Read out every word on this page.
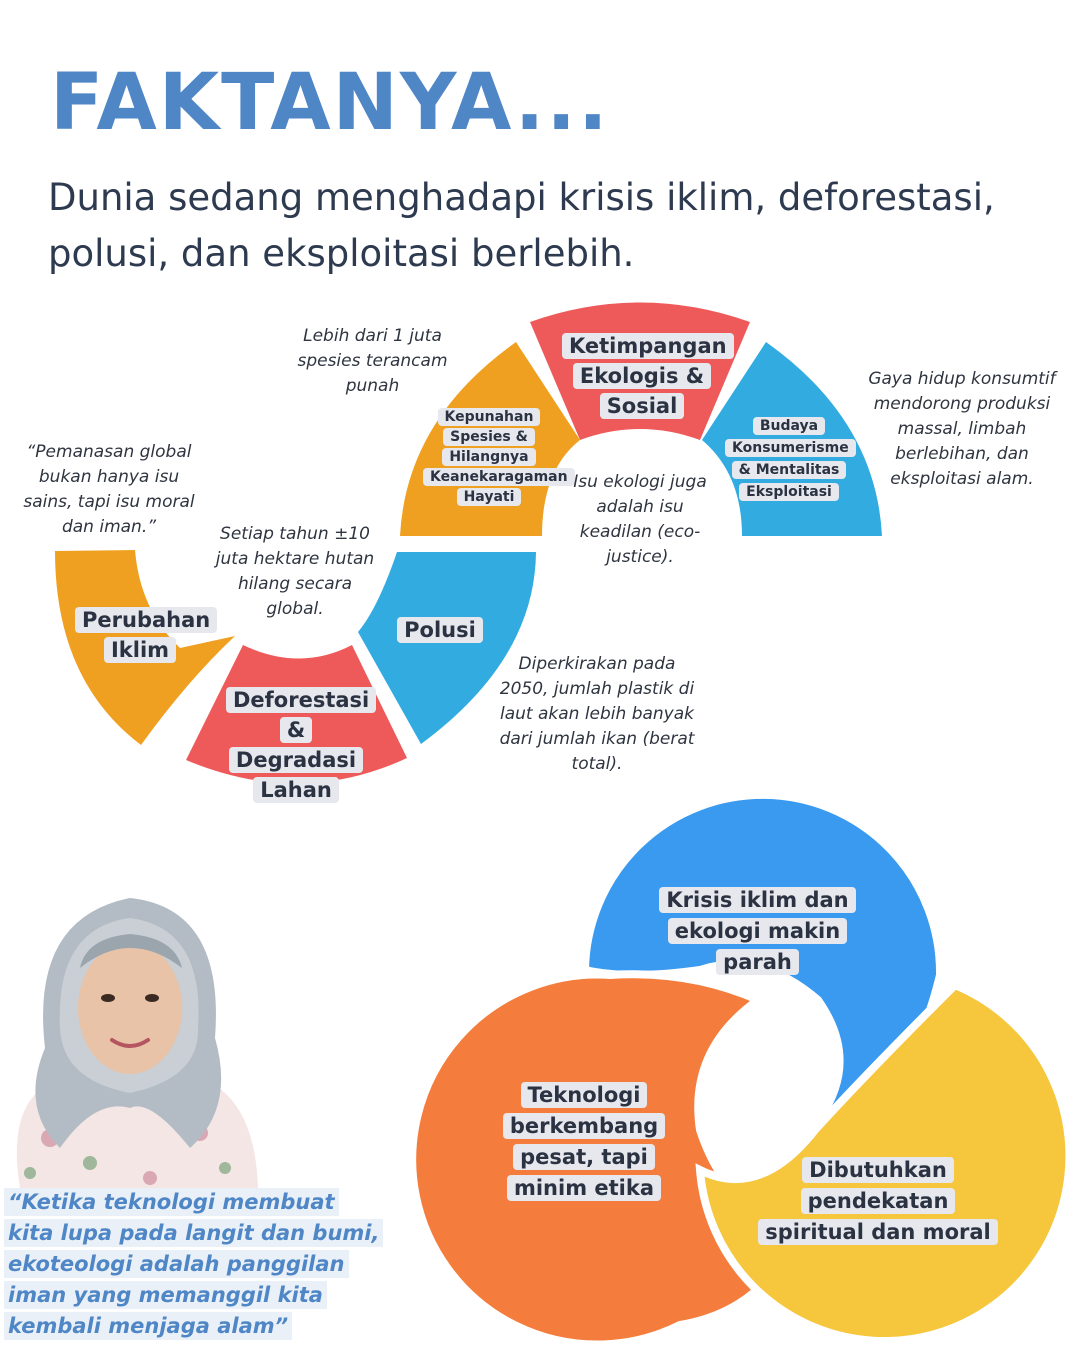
FAKTANYA...

Dunia sedang menghadapi krisis iklim, deforestasi, polusi, dan eksploitasi berlebih.

Perubahan Iklim
Deforestasi & Degradasi Lahan
Polusi
Kepunahan Spesies & Hilangnya Keanekaragaman Hayati
Ketimpangan Ekologis & Sosial
Budaya Konsumerisme & Mentalitas Eksploitasi
“Pemanasan global bukan hanya isu sains, tapi isu moral dan iman.”	Setiap tahun ±10 juta hektare hutan hilang secara global.
Diperkirakan pada 2050, jumlah plastik di laut akan lebih banyak dari jumlah ikan (berat total).
Lebih dari 1 juta spesies terancam punah
Isu ekologi juga adalah isu keadilan (eco-justice).
Gaya hidup konsumtif mendorong produksi massal, limbah berlebihan, dan eksploitasi alam.
Krisis iklim dan ekologi makin parah
Teknologi berkembang pesat, tapi minim etika
Dibutuhkan pendekatan spiritual dan moral
“Ketika teknologi membuat kita lupa pada langit dan bumi, ekoteologi adalah panggilan iman yang memanggil kita kembali menjaga alam”
